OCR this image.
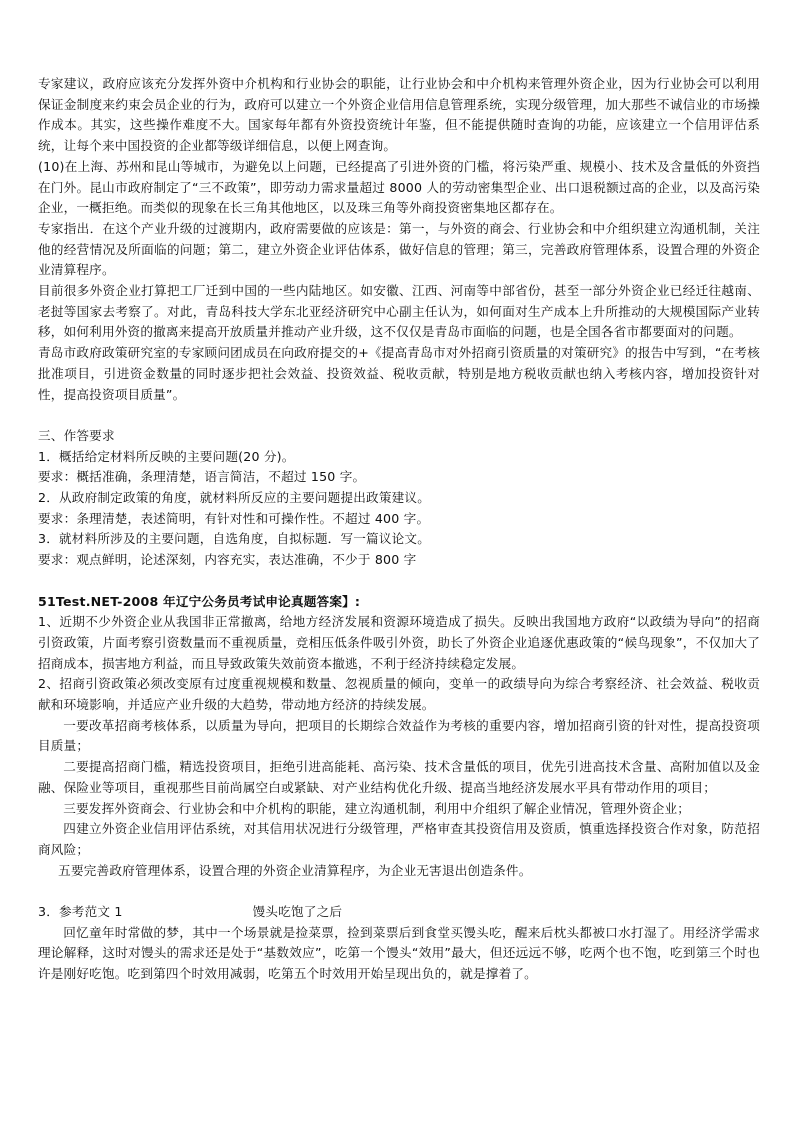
专家建议，政府应该充分发挥外资中介机构和行业协会的职能，让行业协会和中介机构来管理外资企业，因为行业协会可以利用保证金制度来约束会员企业的行为，政府可以建立一个外资企业信用信息管理系统，实现分级管理，加大那些不诚信业的市场操作成本。其实，这些操作难度不大。国家每年都有外资投资统计年鉴，但不能提供随时查询的功能，应该建立一个信用评估系统，让每个来中国投资的企业都等级详细信息，以便上网查询。

(10)在上海、苏州和昆山等城市，为避免以上问题，已经提高了引进外资的门槛，将污染严重、规模小、技术及含量低的外资挡在门外。昆山市政府制定了“三不政策”，即劳动力需求量超过 8000 人的劳动密集型企业、出口退税额过高的企业，以及高污染企业，一概拒绝。而类似的现象在长三角其他地区，以及珠三角等外商投资密集地区都存在。

专家指出．在这个产业升级的过渡期内，政府需要做的应该是：第一，与外资的商会、行业协会和中介组织建立沟通机制，关注他的经营情况及所面临的问题；第二，建立外资企业评估体系，做好信息的管理；第三，完善政府管理体系，设置合理的外资企业清算程序。

目前很多外资企业打算把工厂迁到中国的一些内陆地区。如安徽、江西、河南等中部省份，甚至一部分外资企业已经迁往越南、老挝等国家去考察了。对此，青岛科技大学东北亚经济研究中心副主任认为，如何面对生产成本上升所推动的大规模国际产业转移，如何利用外资的撤离来提高开放质量并推动产业升级，这不仅仅是青岛市面临的问题，也是全国各省市都要面对的问题。

青岛市政府政策研究室的专家顾问团成员在向政府提交的+《提高青岛市对外招商引资质量的对策研究》的报告中写到，“在考核批准项目，引进资金数量的同时逐步把社会效益、投资效益、税收贡献，特别是地方税收贡献也纳入考核内容，增加投资针对性，提高投资项目质量”。

三、作答要求

1．概括给定材料所反映的主要问题(20 分)。

要求：概括准确，条理清楚，语言简洁，不超过 150 字。

2．从政府制定政策的角度，就材料所反应的主要问题提出政策建议。

要求：条理清楚，表述简明，有针对性和可操作性。不超过 400 字。

3．就材料所涉及的主要问题，自选角度，自拟标题．写一篇议论文。

要求：观点鲜明，论述深刻，内容充实，表达准确，不少于 800 字

51Test.NET-2008 年辽宁公务员考试申论真题答案】:

1、近期不少外资企业从我国非正常撤离，给地方经济发展和资源环境造成了损失。反映出我国地方政府“以政绩为导向”的招商引资政策，片面考察引资数量而不重视质量，竞相压低条件吸引外资，助长了外资企业追逐优惠政策的“候鸟现象”，不仅加大了招商成本，损害地方利益，而且导致政策失效前资本撤逃，不利于经济持续稳定发展。

2、招商引资政策必须改变原有过度重视规模和数量、忽视质量的倾向，变单一的政绩导向为综合考察经济、社会效益、税收贡献和环境影响，并适应产业升级的大趋势，带动地方经济的持续发展。

一要改革招商考核体系，以质量为导向，把项目的长期综合效益作为考核的重要内容，增加招商引资的针对性，提高投资项目质量；

二要提高招商门槛，精选投资项目，拒绝引进高能耗、高污染、技术含量低的项目，优先引进高技术含量、高附加值以及金融、保险业等项目，重视那些目前尚属空白或紧缺、对产业结构优化升级、提高当地经济发展水平具有带动作用的项目；

三要发挥外资商会、行业协会和中介机构的职能，建立沟通机制，利用中介组织了解企业情况，管理外资企业；

四建立外资企业信用评估系统，对其信用状况进行分级管理，严格审查其投资信用及资质，慎重选择投资合作对象，防范招商风险；

五要完善政府管理体系，设置合理的外资企业清算程序，为企业无害退出创造条件。

3．参考范文 1	馒头吃饱了之后

回忆童年时常做的梦，其中一个场景就是捡菜票，捡到菜票后到食堂买馒头吃，醒来后枕头都被口水打湿了。用经济学需求理论解释，这时对馒头的需求还是处于“基数效应”，吃第一个馒头“效用”最大，但还远远不够，吃两个也不饱，吃到第三个时也许是刚好吃饱。吃到第四个时效用减弱，吃第五个时效用开始呈现出负的，就是撑着了。
